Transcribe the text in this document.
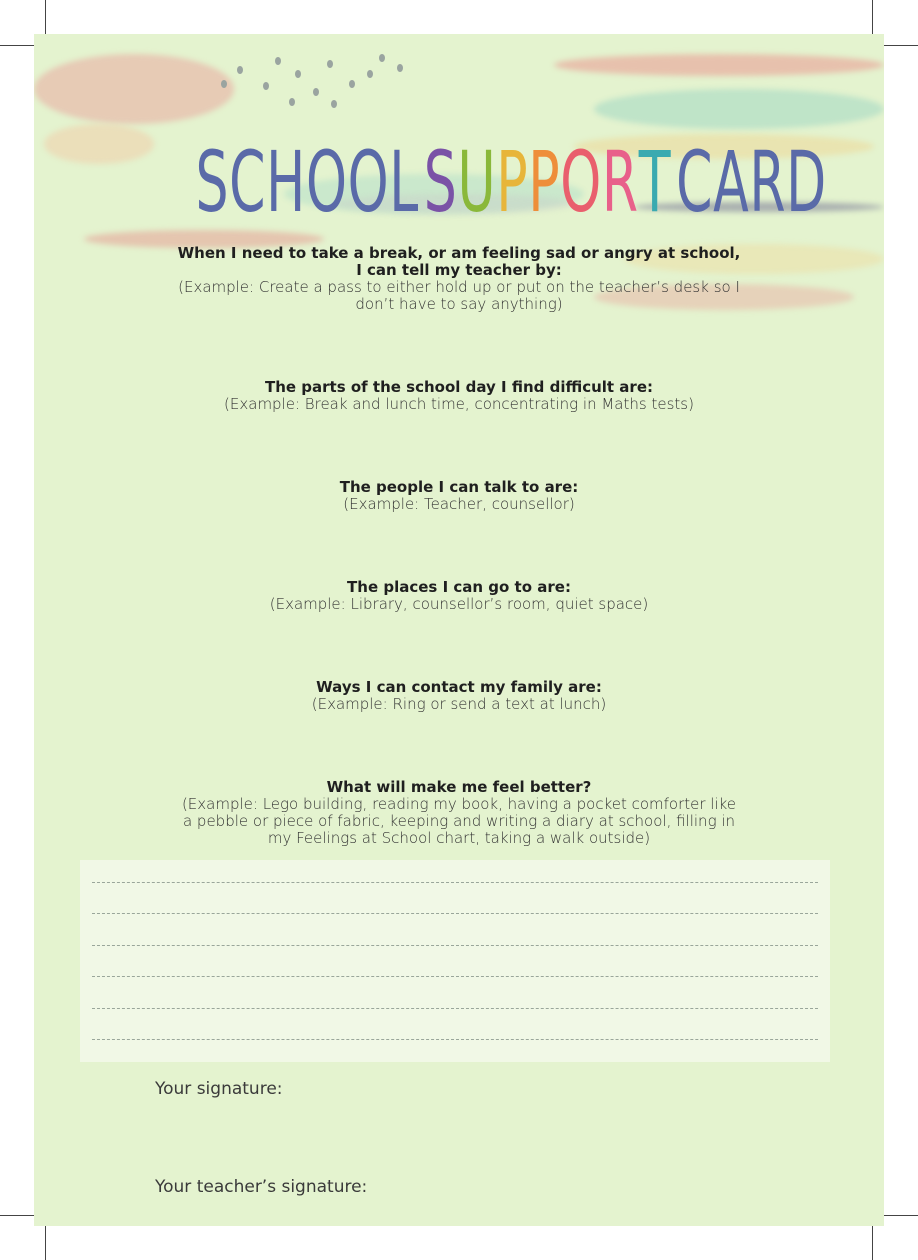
SCHOOLSUPPORTCARD
When I need to take a break, or am feeling sad or angry at school,
I can tell my teacher by:
(Example: Create a pass to either hold up or put on the teacher’s desk so I
don’t have to say anything)
The parts of the school day I find difficult are:
(Example: Break and lunch time, concentrating in Maths tests)
The people I can talk to are:
(Example: Teacher, counsellor)
The places I can go to are:
(Example: Library, counsellor’s room, quiet space)
Ways I can contact my family are:
(Example: Ring or send a text at lunch)
What will make me feel better?
(Example: Lego building, reading my book, having a pocket comforter like
a pebble or piece of fabric, keeping and writing a diary at school, filling in
my Feelings at School chart, taking a walk outside)
Your signature:
Your teacher’s signature:
